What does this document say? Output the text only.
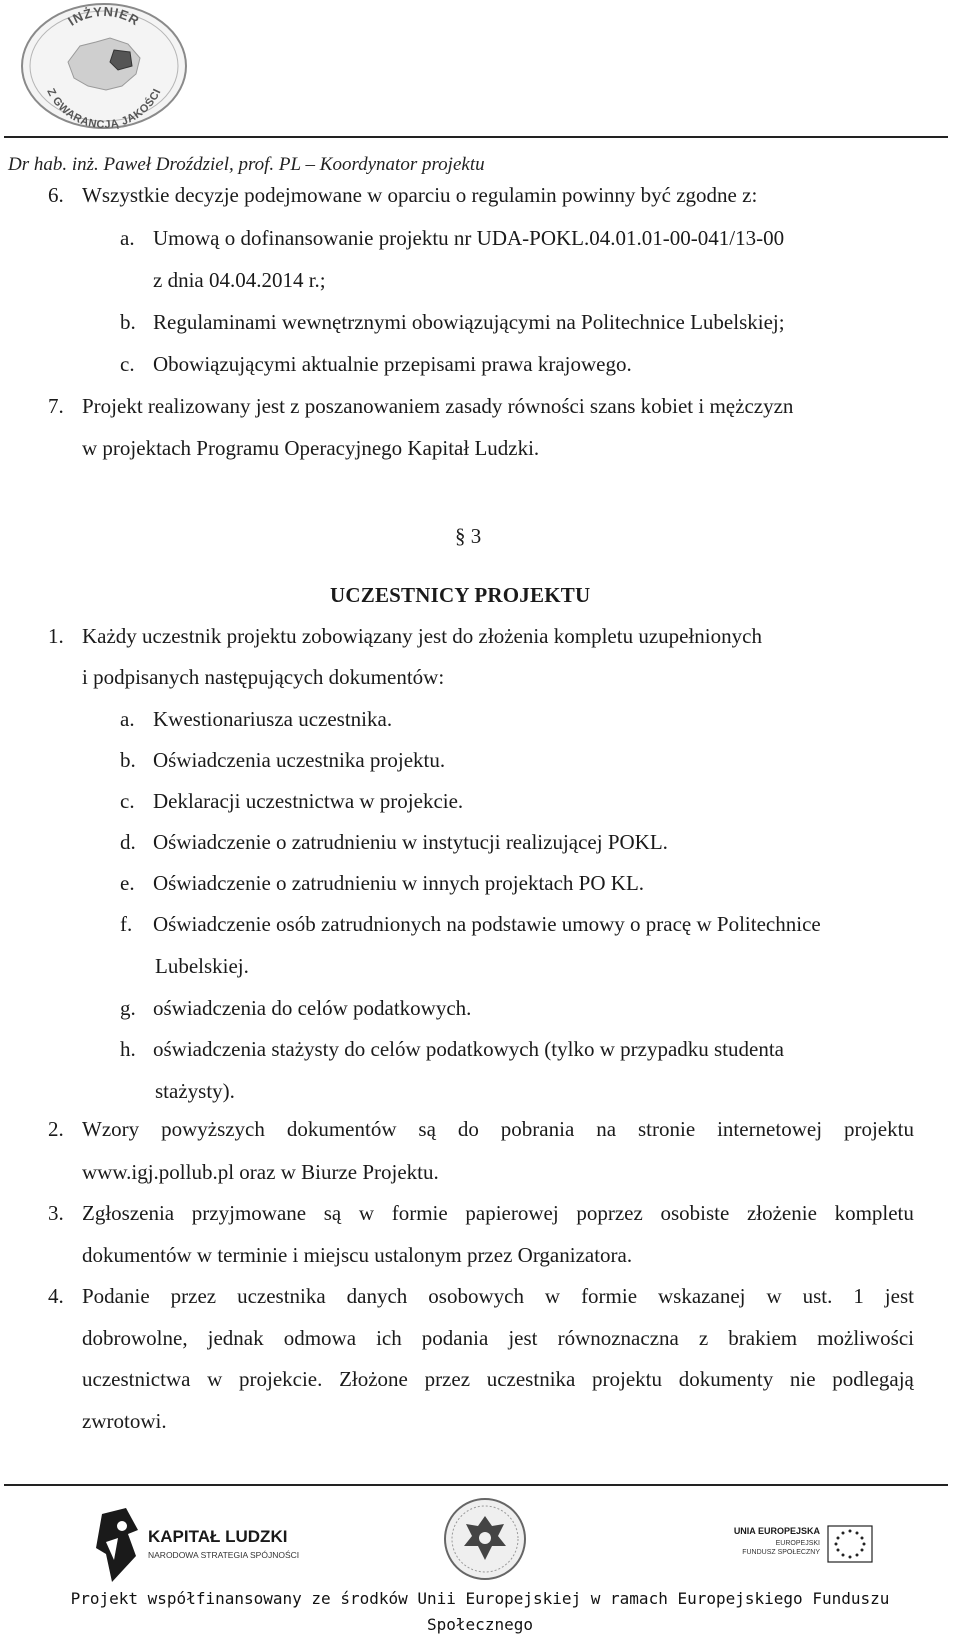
INŻYNIER
Z GWARANCJĄ JAKOŚCI
Dr hab. inż. Paweł Droździel, prof. PL – Koordynator projektu
6. Wszystkie decyzje podejmowane w oparciu o regulamin powinny być zgodne z:
a. Umową o dofinansowanie projektu nr UDA-POKL.04.01.01-00-041/13-00
z dnia 04.04.2014 r.;
b. Regulaminami wewnętrznymi obowiązującymi na Politechnice Lubelskiej;
c. Obowiązującymi aktualnie przepisami prawa krajowego.
7. Projekt realizowany jest z poszanowaniem zasady równości szans kobiet i mężczyzn
w projektach Programu Operacyjnego Kapitał Ludzki.
§ 3
UCZESTNICY PROJEKTU
1. Każdy uczestnik projektu zobowiązany jest do złożenia kompletu uzupełnionych
i podpisanych następujących dokumentów:
a. Kwestionariusza uczestnika.
b. Oświadczenia uczestnika projektu.
c. Deklaracji uczestnictwa w projekcie.
d. Oświadczenie o zatrudnieniu w instytucji realizującej POKL.
e. Oświadczenie o zatrudnieniu w innych projektach PO KL.
f. Oświadczenie osób zatrudnionych na podstawie umowy o pracę w Politechnice
Lubelskiej.
g. oświadczenia do celów podatkowych.
h. oświadczenia stażysty do celów podatkowych (tylko w przypadku studenta
stażysty).
2. Wzory powyższych dokumentów są do pobrania na stronie internetowej projektu
www.igj.pollub.pl oraz w Biurze Projektu.
3. Zgłoszenia przyjmowane są w formie papierowej poprzez osobiste złożenie kompletu
dokumentów w terminie i miejscu ustalonym przez Organizatora.
4. Podanie przez uczestnika danych osobowych w formie wskazanej w ust. 1 jest
dobrowolne, jednak odmowa ich podania jest równoznaczna z brakiem możliwości
uczestnictwa w projekcie. Złożone przez uczestnika projektu dokumenty nie podlegają
zwrotowi.
KAPITAŁ LUDZKI
NARODOWA STRATEGIA SPÓJNOŚCI
UNIA EUROPEJSKA
EUROPEJSKI
FUNDUSZ SPOŁECZNY
Projekt współfinansowany ze środków Unii Europejskiej w ramach Europejskiego Funduszu
Społecznego
